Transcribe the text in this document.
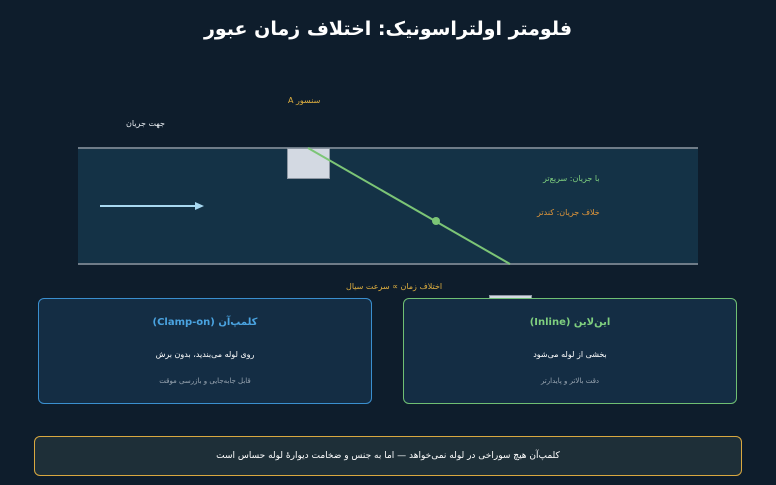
فلومتر اولتراسونیک: اختلاف زمان عبور
سنسور A
جهت جریان
با جریان: سریع‌تر
خلاف جریان: کندتر
اختلاف زمان ∝ سرعت سیال
کلمپ‌آن (Clamp-on)
روی لوله می‌بندید، بدون برش
قابل جابه‌جایی و بازرسی موقت
این‌لاین (Inline)
بخشی از لوله می‌شود
دقت بالاتر و پایدارتر
کلمپ‌آن هیچ سوراخی در لوله نمی‌خواهد — اما به جنس و ضخامت دیوارهٔ لوله حساس است
